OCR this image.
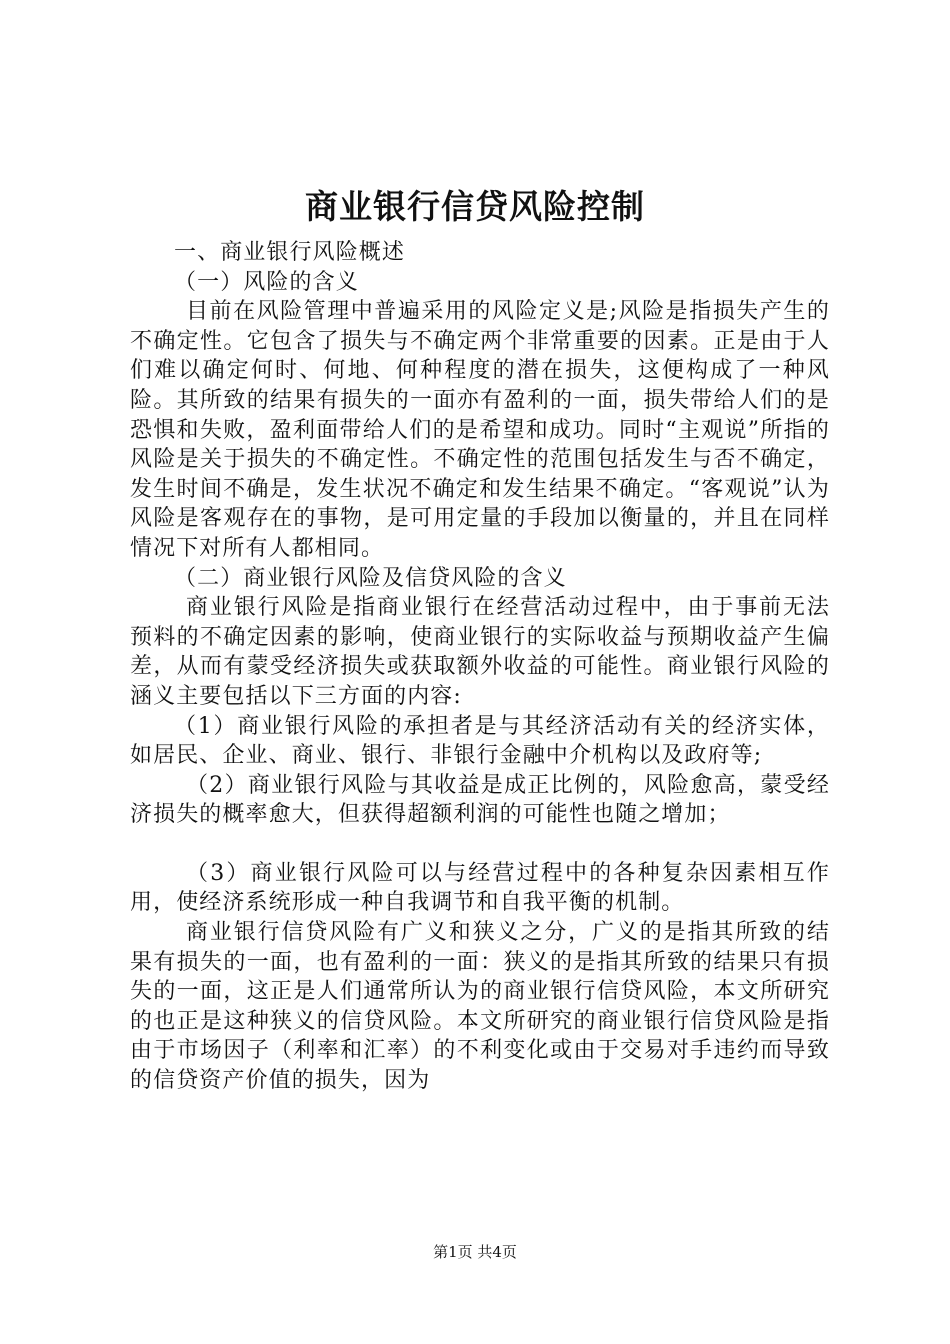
商业银行信贷风险控制

一、商业银行风险概述

（一）风险的含义

目前在风险管理中普遍采用的风险定义是;风险是指损失产生的不确定性。它包含了损失与不确定两个非常重要的因素。正是由于人们难以确定何时、何地、何种程度的潜在损失，这便构成了一种风险。其所致的结果有损失的一面亦有盈利的一面，损失带给人们的是恐惧和失败，盈利面带给人们的是希望和成功。同时“主观说”所指的风险是关于损失的不确定性。不确定性的范围包括发生与否不确定，发生时间不确是，发生状况不确定和发生结果不确定。“客观说”认为风险是客观存在的事物，是可用定量的手段加以衡量的，并且在同样情况下对所有人都相同。

（二）商业银行风险及信贷风险的含义

商业银行风险是指商业银行在经营活动过程中，由于事前无法预料的不确定因素的影响，使商业银行的实际收益与预期收益产生偏差，从而有蒙受经济损失或获取额外收益的可能性。商业银行风险的涵义主要包括以下三方面的内容:

（1）商业银行风险的承担者是与其经济活动有关的经济实体，如居民、企业、商业、银行、非银行金融中介机构以及政府等;

（2）商业银行风险与其收益是成正比例的，风险愈高，蒙受经济损失的概率愈大，但获得超额利润的可能性也随之增加；

（3）商业银行风险可以与经营过程中的各种复杂因素相互作用，使经济系统形成一种自我调节和自我平衡的机制。

商业银行信贷风险有广义和狭义之分，广义的是指其所致的结果有损失的一面，也有盈利的一面：狭义的是指其所致的结果只有损失的一面，这正是人们通常所认为的商业银行信贷风险，本文所研究的也正是这种狭义的信贷风险。本文所研究的商业银行信贷风险是指由于市场因子（利率和汇率）的不利变化或由于交易对手违约而导致的信贷资产价值的损失，因为

第1页 共4页
